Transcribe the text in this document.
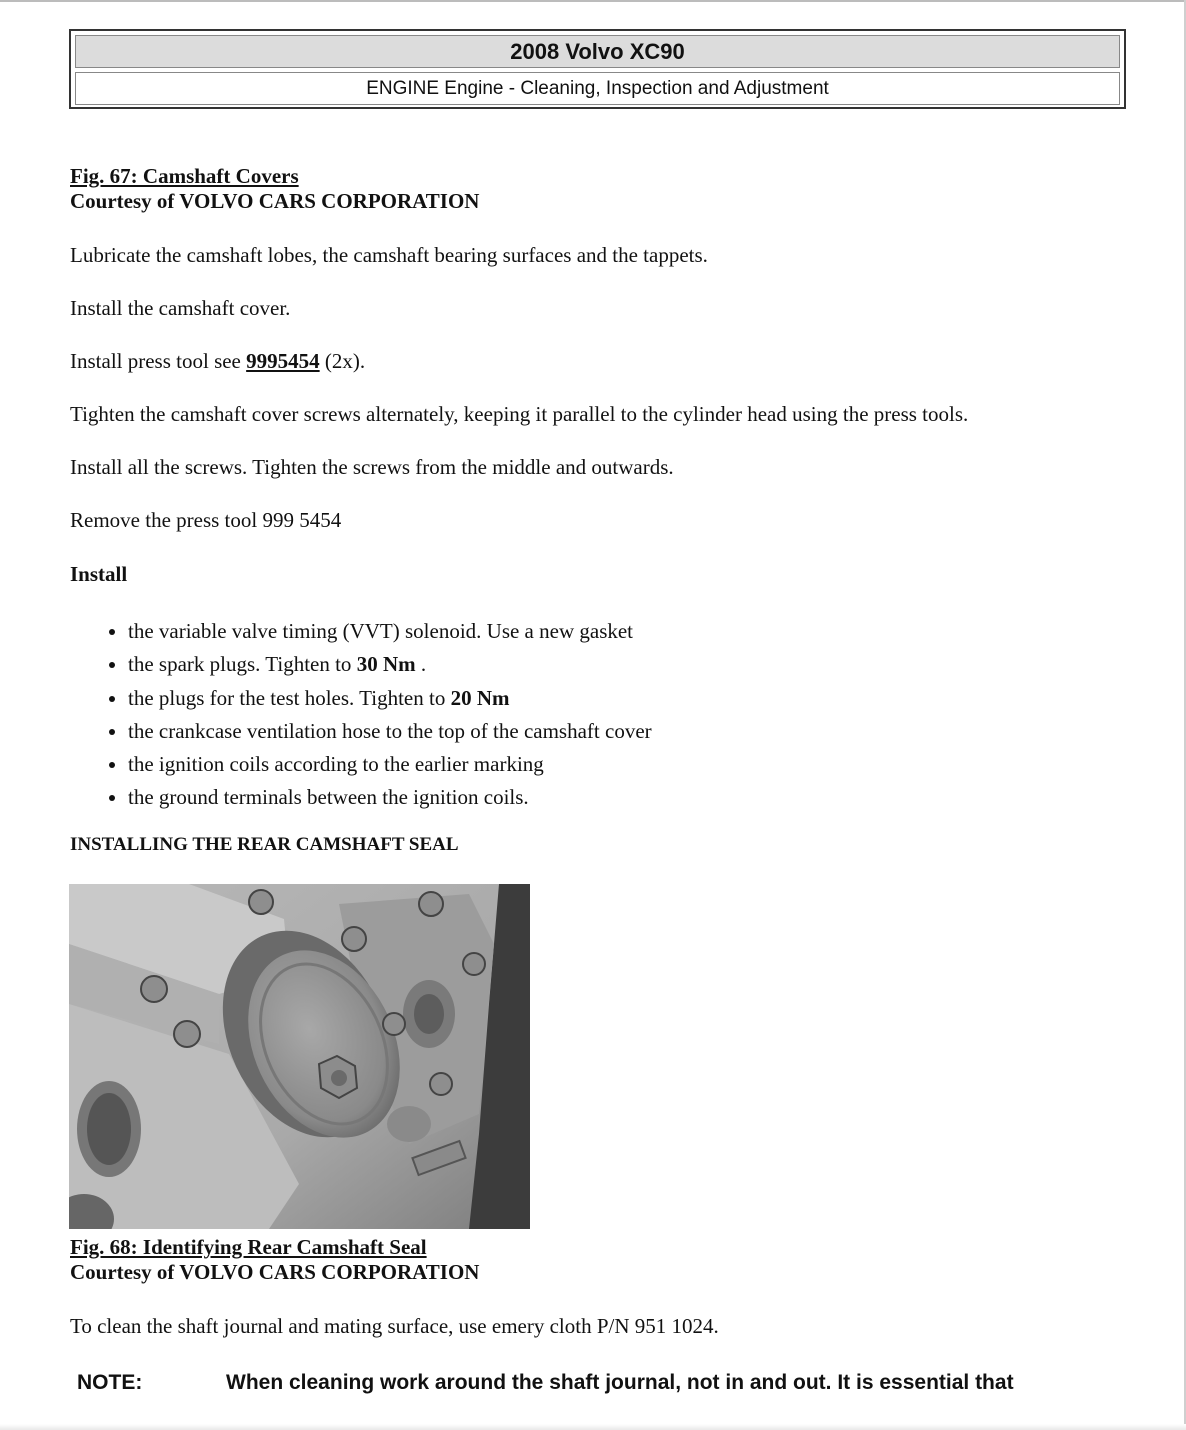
2008 Volvo XC90
ENGINE Engine - Cleaning, Inspection and Adjustment
Fig. 67: Camshaft Covers
Courtesy of VOLVO CARS CORPORATION
Lubricate the camshaft lobes, the camshaft bearing surfaces and the tappets.
Install the camshaft cover.
Install press tool see 9995454 (2x).
Tighten the camshaft cover screws alternately, keeping it parallel to the cylinder head using the press tools.
Install all the screws. Tighten the screws from the middle and outwards.
Remove the press tool 999 5454
Install
• the variable valve timing (VVT) solenoid. Use a new gasket
• the spark plugs. Tighten to 30 Nm .
• the plugs for the test holes. Tighten to 20 Nm
• the crankcase ventilation hose to the top of the camshaft cover
• the ignition coils according to the earlier marking
• the ground terminals between the ignition coils.
INSTALLING THE REAR CAMSHAFT SEAL
Fig. 68: Identifying Rear Camshaft Seal
Courtesy of VOLVO CARS CORPORATION
To clean the shaft journal and mating surface, use emery cloth P/N 951 1024.
NOTE:	When cleaning work around the shaft journal, not in and out. It is essential that
